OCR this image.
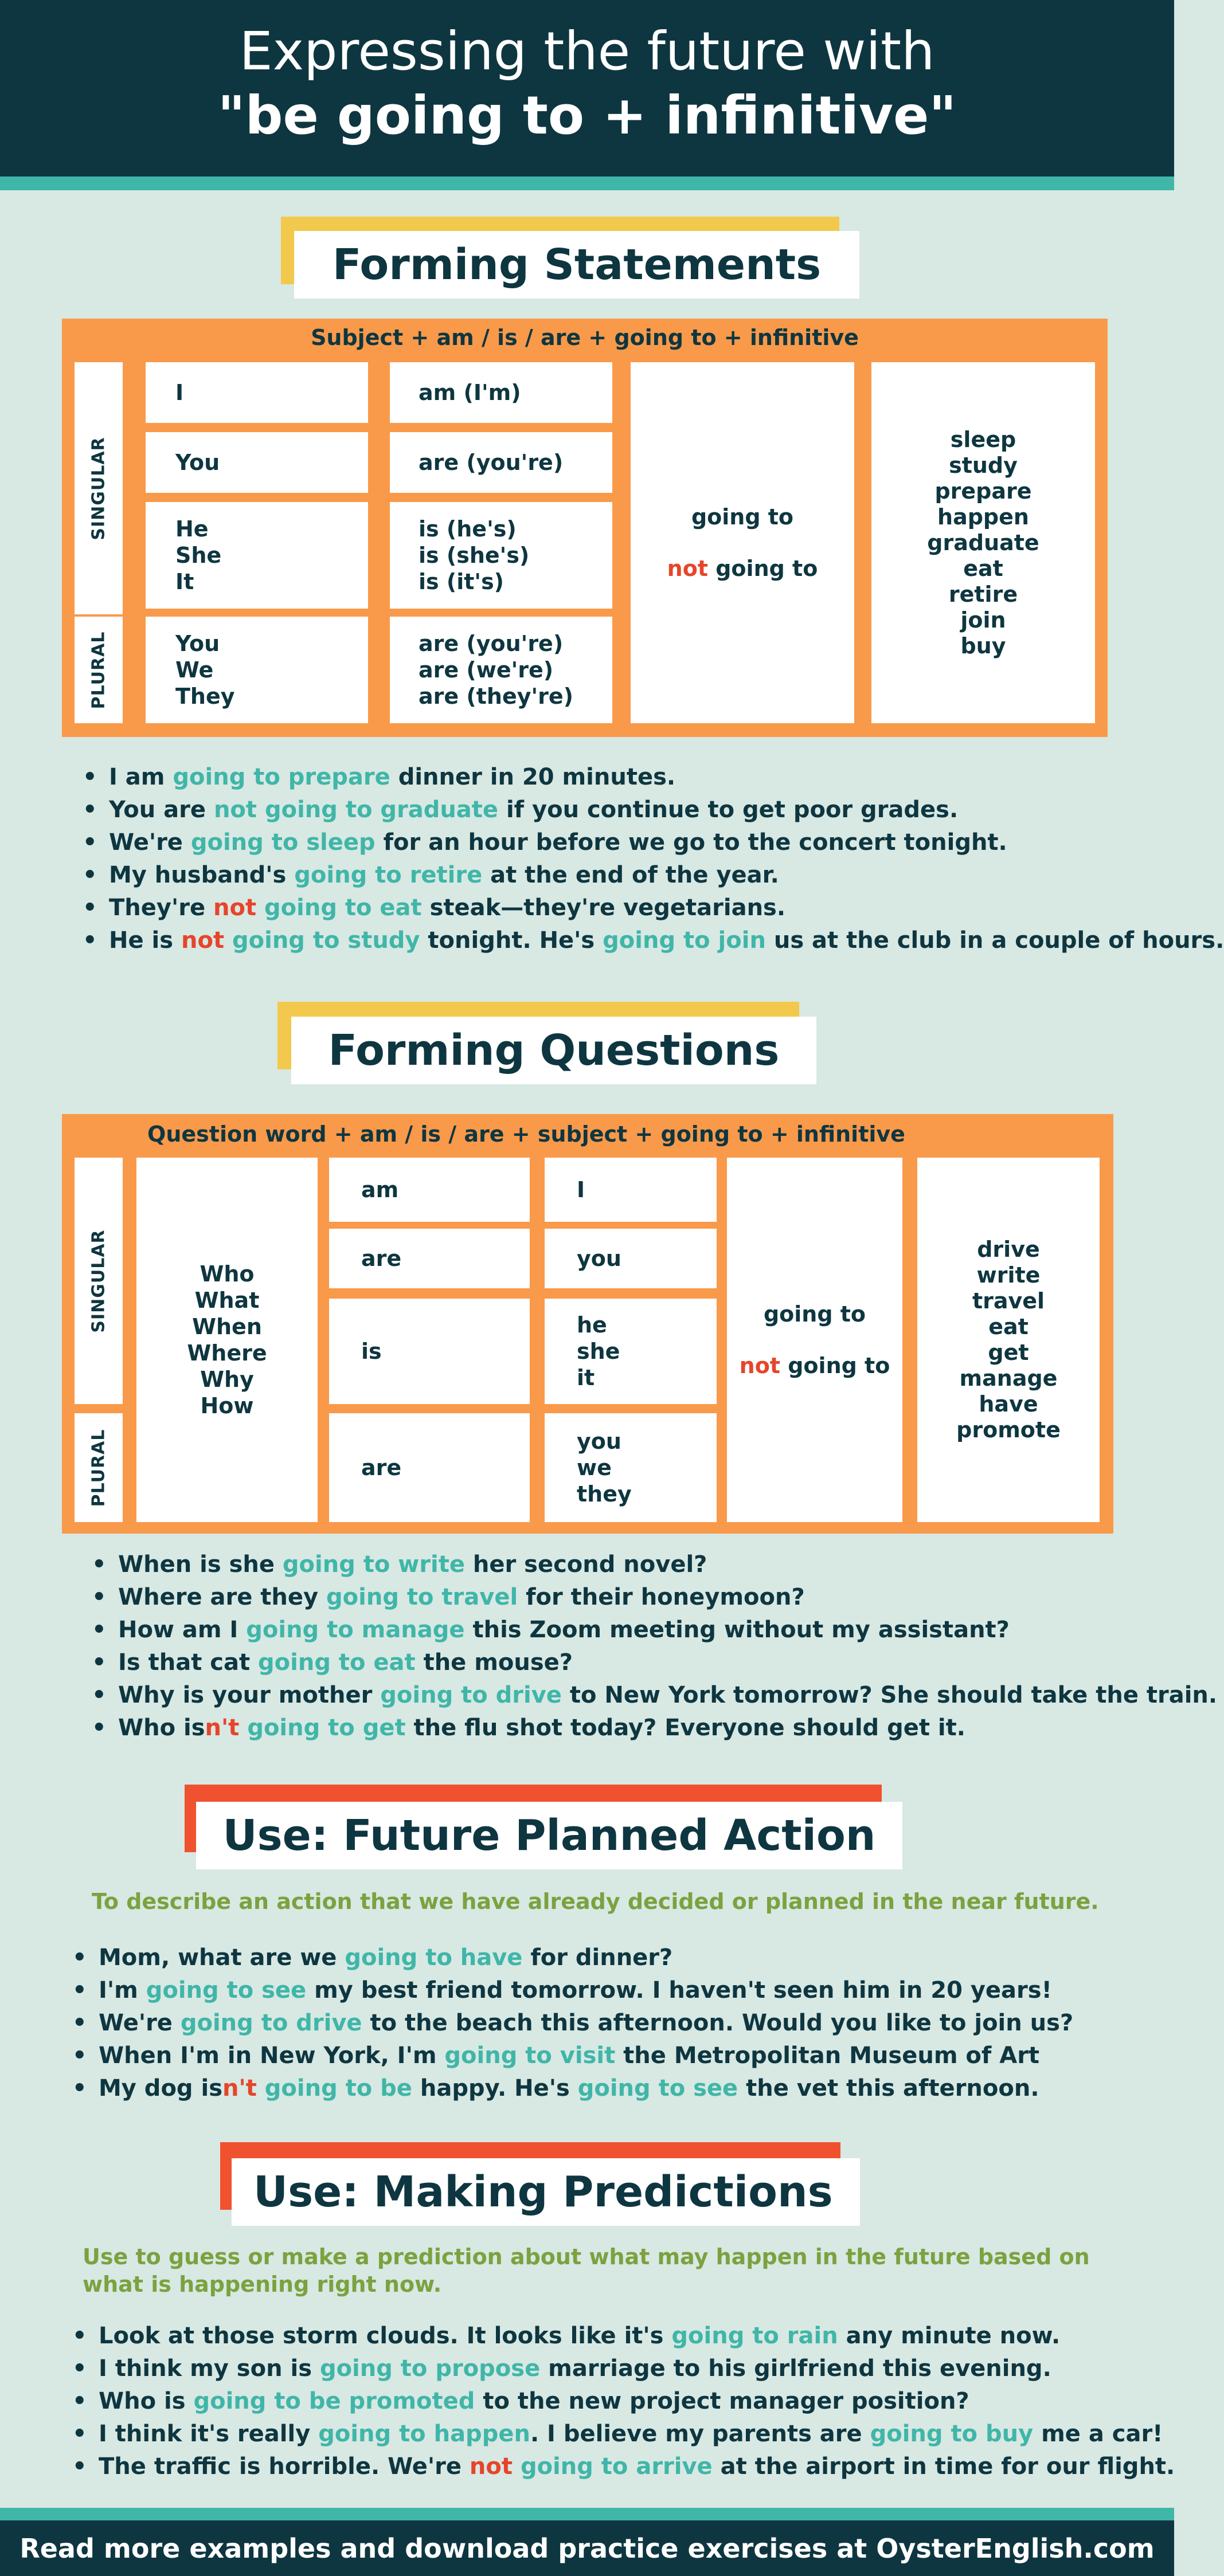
Expressing the future with
"be going to + infinitive"
Forming Statements
Subject + am / is / are + going to + infinitive
SINGULAR
PLURAL
I
You
He
She
It
You
We
They
am (I'm)
are (you're)
is (he's)
is (she's)
is (it's)
are (you're)
are (we're)
are (they're)
going to
not going to
sleep
study
prepare
happen
graduate
eat
retire
join
buy
• I am going to prepare dinner in 20 minutes.
• You are not going to graduate if you continue to get poor grades.
• We're going to sleep for an hour before we go to the concert tonight.
• My husband's going to retire at the end of the year.
• They're not going to eat steak—they're vegetarians.
• He is not going to study tonight. He's going to join us at the club in a couple of hours.
Forming Questions
Question word + am / is / are + subject + going to + infinitive
SINGULAR
PLURAL
Who
What
When
Where
Why
How
am
are
is
are
I
you
he
she
it
you
we
they
going to
not going to
drive
write
travel
eat
get
manage
have
promote
• When is she going to write her second novel?
• Where are they going to travel for their honeymoon?
• How am I going to manage this Zoom meeting without my assistant?
• Is that cat going to eat the mouse?
• Why is your mother going to drive to New York tomorrow? She should take the train.
• Who isn't going to get the flu shot today? Everyone should get it.
Use: Future Planned Action
To describe an action that we have already decided or planned in the near future.
• Mom, what are we going to have for dinner?
• I'm going to see my best friend tomorrow. I haven't seen him in 20 years!
• We're going to drive to the beach this afternoon. Would you like to join us?
• When I'm in New York, I'm going to visit the Metropolitan Museum of Art
• My dog isn't going to be happy. He's going to see the vet this afternoon.
Use: Making Predictions
Use to guess or make a prediction about what may happen in the future based on
what is happening right now.
• Look at those storm clouds. It looks like it's going to rain any minute now.
• I think my son is going to propose marriage to his girlfriend this evening.
• Who is going to be promoted to the new project manager position?
• I think it's really going to happen. I believe my parents are going to buy me a car!
• The traffic is horrible. We're not going to arrive at the airport in time for our flight.
Read more examples and download practice exercises at OysterEnglish.com
